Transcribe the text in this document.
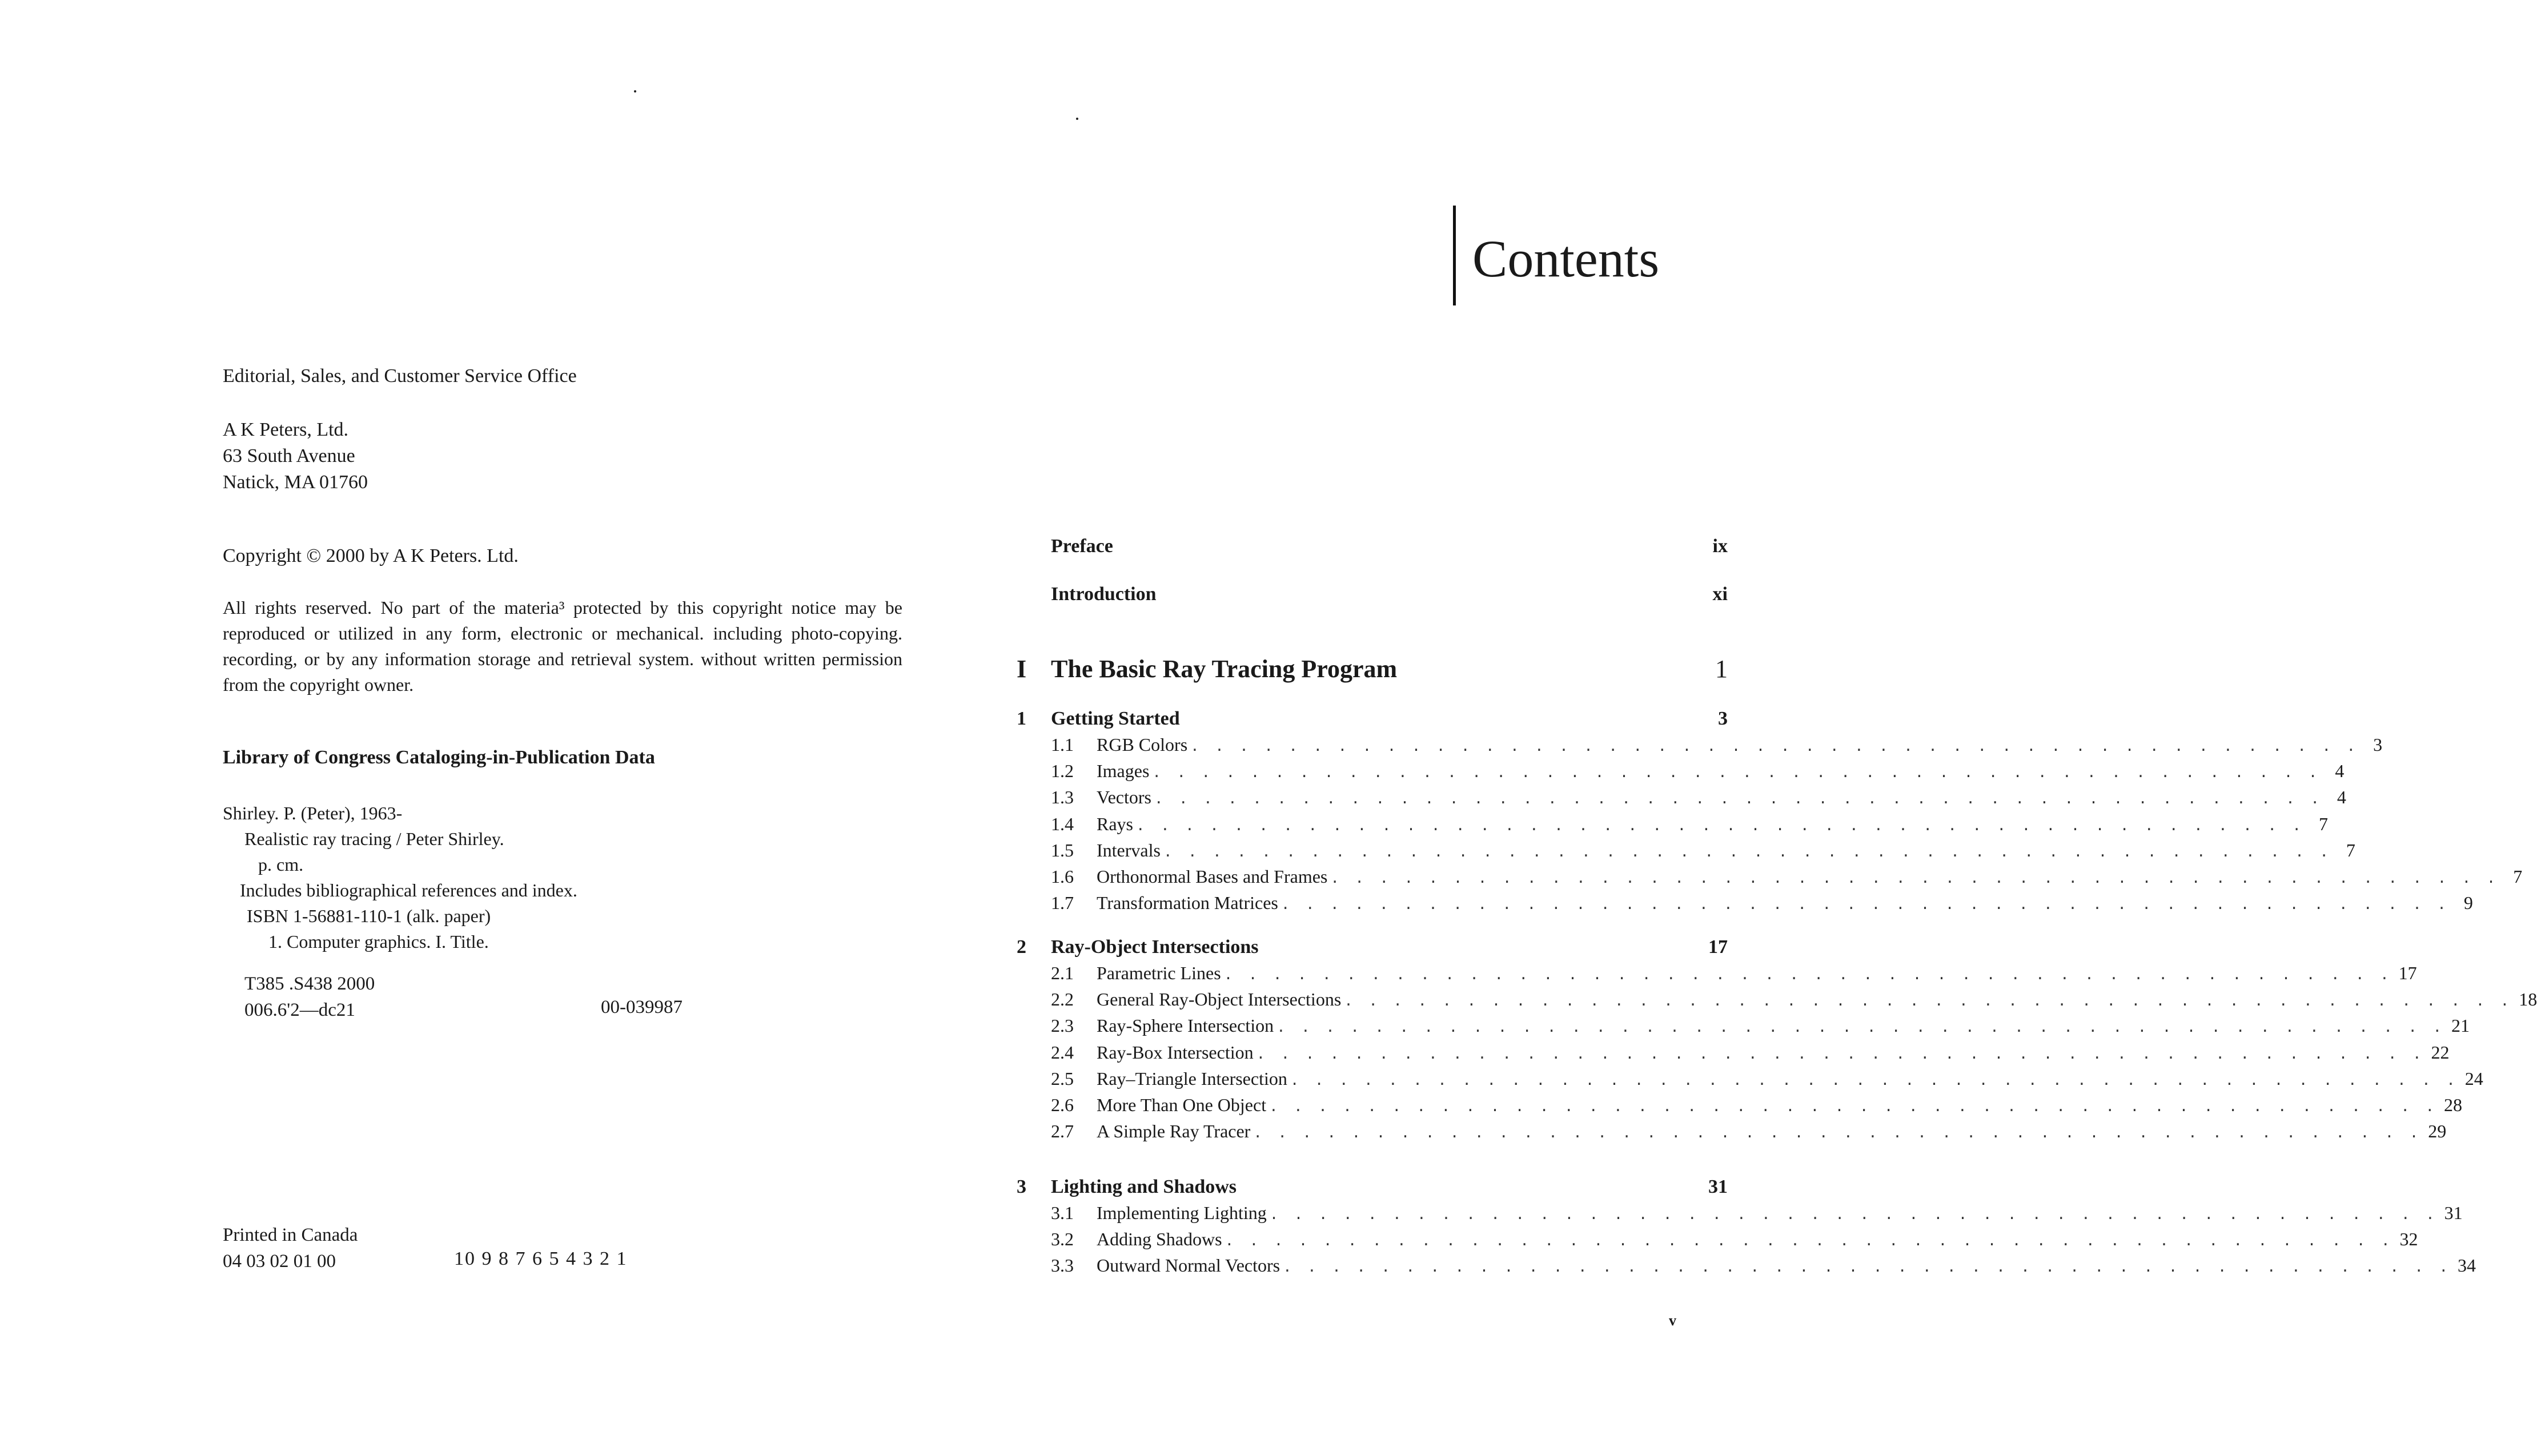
Editorial, Sales, and Customer Service Office
A K Peters, Ltd.
63 South Avenue
Natick, MA 01760
Copyright © 2000 by A K Peters. Ltd.
All rights reserved. No part of the materia³ protected by this copyright notice may be reproduced or utilized in any form, electronic or mechanical. including photo-copying. recording, or by any information storage and retrieval system. without written permission from the copyright owner.
Library of Congress Cataloging-in-Publication Data
Shirley. P. (Peter), 1963-
Realistic ray tracing / Peter Shirley.
p. cm.
Includes bibliographical references and index.
ISBN 1-56881-110-1 (alk. paper)
1. Computer graphics. I. Title.
T385 .S438 2000
006.6'2—dc21	00-039987
Printed in Canada
04 03 02 01 00	10 9 8 7 6 5 4 3 2 1
Contents
Preface	ix
Introduction	xi
I The Basic Ray Tracing Program	1
1	Getting Started	3
1.1	RGB Colors . . . . . . . . . . . . . . . . . . . . . . . . . . . . . . . . . . . . . . . . . . . . . . . . 3
1.2	Images . . . . . . . . . . . . . . . . . . . . . . . . . . . . . . . . . . . . . . . . . . . . . . . . 4
1.3	Vectors . . . . . . . . . . . . . . . . . . . . . . . . . . . . . . . . . . . . . . . . . . . . . . . . 4
1.4	Rays . . . . . . . . . . . . . . . . . . . . . . . . . . . . . . . . . . . . . . . . . . . . . . . . 7
1.5	Intervals . . . . . . . . . . . . . . . . . . . . . . . . . . . . . . . . . . . . . . . . . . . . . . . . 7
1.6	Orthonormal Bases and Frames . . . . . . . . . . . . . . . . . . . . . . . . . . . . . . . . . . . . . . . . . . . . . . . . 7
1.7	Transformation Matrices . . . . . . . . . . . . . . . . . . . . . . . . . . . . . . . . . . . . . . . . . . . . . . . . 9
2	Ray-Object Intersections	17
2.1	Parametric Lines . . . . . . . . . . . . . . . . . . . . . . . . . . . . . . . . . . . . . . . . . . . . . . . . 17
2.2	General Ray-Object Intersections . . . . . . . . . . . . . . . . . . . . . . . . . . . . . . . . . . . . . . . . . . . . . . . . 18
2.3	Ray-Sphere Intersection . . . . . . . . . . . . . . . . . . . . . . . . . . . . . . . . . . . . . . . . . . . . . . . . 21
2.4	Ray-Box Intersection . . . . . . . . . . . . . . . . . . . . . . . . . . . . . . . . . . . . . . . . . . . . . . . . 22
2.5	Ray–Triangle Intersection . . . . . . . . . . . . . . . . . . . . . . . . . . . . . . . . . . . . . . . . . . . . . . . . 24
2.6	More Than One Object . . . . . . . . . . . . . . . . . . . . . . . . . . . . . . . . . . . . . . . . . . . . . . . . 28
2.7	A Simple Ray Tracer . . . . . . . . . . . . . . . . . . . . . . . . . . . . . . . . . . . . . . . . . . . . . . . . 29
3	Lighting and Shadows	31
3.1	Implementing Lighting . . . . . . . . . . . . . . . . . . . . . . . . . . . . . . . . . . . . . . . . . . . . . . . . 31
3.2	Adding Shadows . . . . . . . . . . . . . . . . . . . . . . . . . . . . . . . . . . . . . . . . . . . . . . . . 32
3.3	Outward Normal Vectors . . . . . . . . . . . . . . . . . . . . . . . . . . . . . . . . . . . . . . . . . . . . . . . . 34
v
